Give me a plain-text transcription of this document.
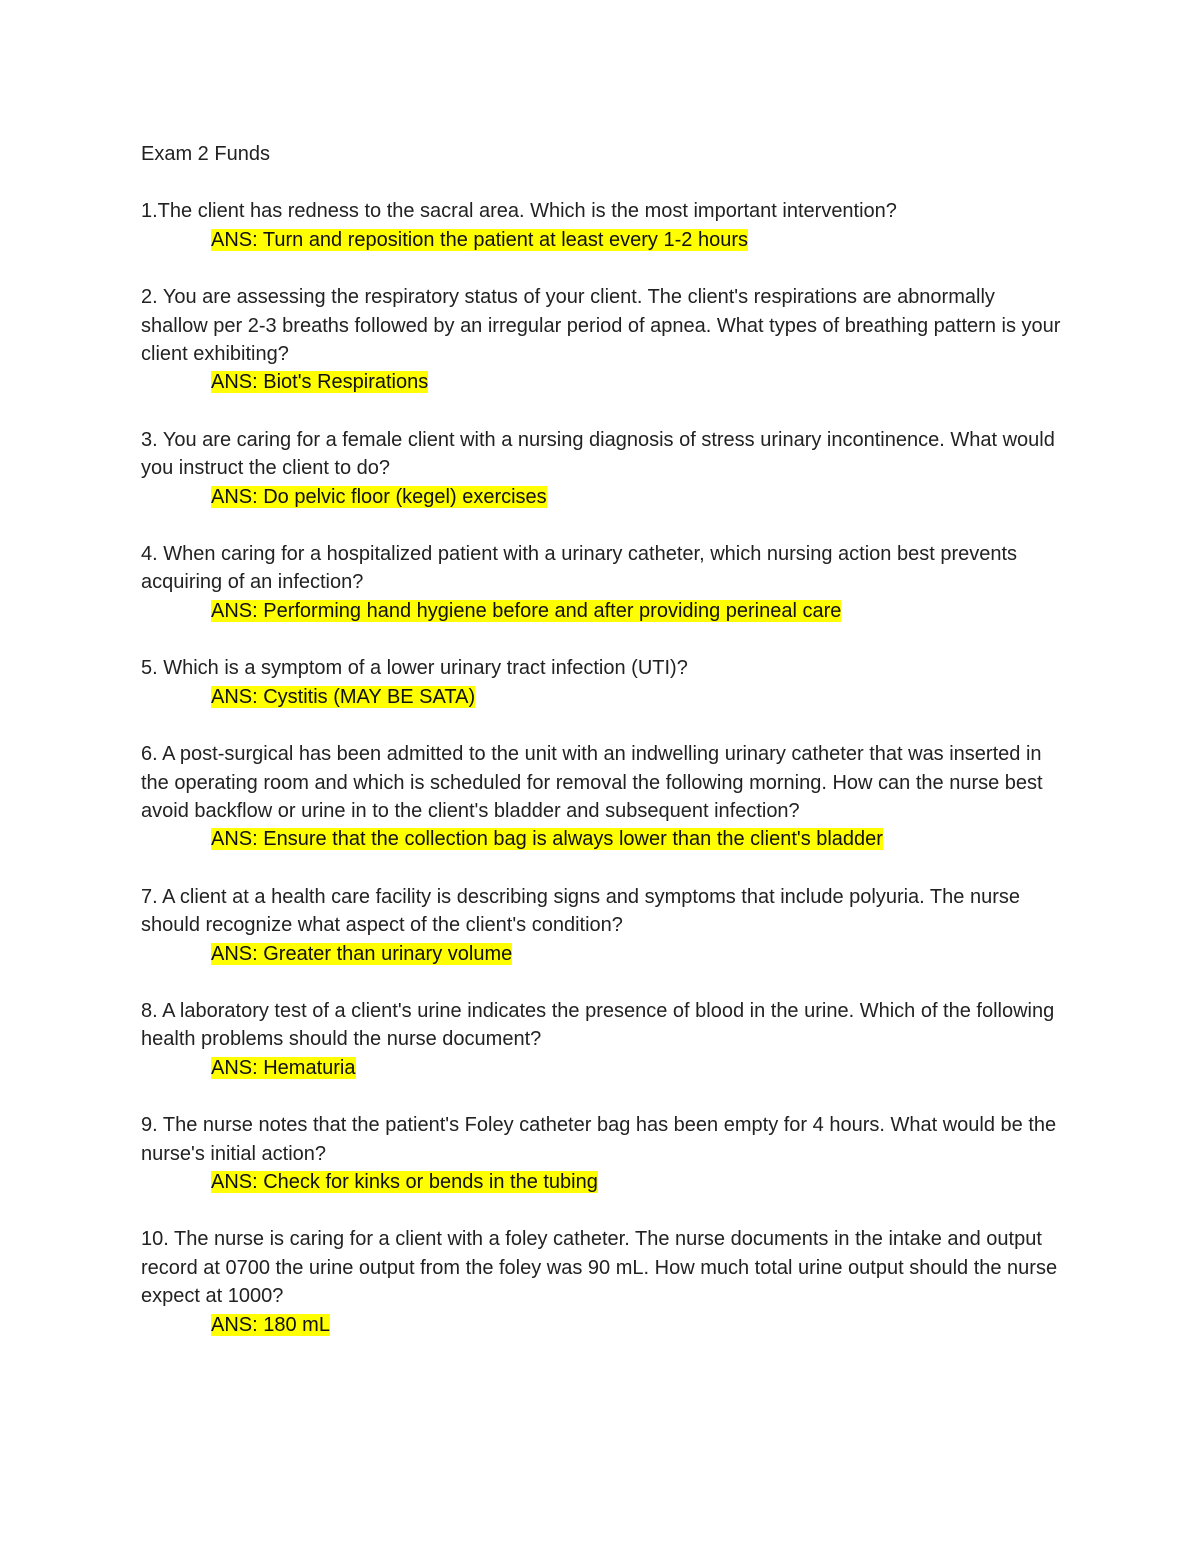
Exam 2 Funds

1.The client has redness to the sacral area. Which is the most important intervention?

ANS: Turn and reposition the patient at least every 1-2 hours

2. You are assessing the respiratory status of your client. The client's respirations are abnormally shallow per 2-3 breaths followed by an irregular period of apnea. What types of breathing pattern is your client exhibiting?

ANS: Biot's Respirations

3. You are caring for a female client with a nursing diagnosis of stress urinary incontinence. What would you instruct the client to do?

ANS: Do pelvic floor (kegel) exercises

4. When caring for a hospitalized patient with a urinary catheter, which nursing action best prevents acquiring of an infection?

ANS: Performing hand hygiene before and after providing perineal care

5. Which is a symptom of a lower urinary tract infection (UTI)?

ANS: Cystitis (MAY BE SATA)

6. A post-surgical has been admitted to the unit with an indwelling urinary catheter that was inserted in the operating room and which is scheduled for removal the following morning. How can the nurse best avoid backflow or urine in to the client's bladder and subsequent infection?

ANS: Ensure that the collection bag is always lower than the client's bladder

7. A client at a health care facility is describing signs and symptoms that include polyuria. The nurse should recognize what aspect of the client's condition?

ANS: Greater than urinary volume

8. A laboratory test of a client's urine indicates the presence of blood in the urine. Which of the following health problems should the nurse document?

ANS: Hematuria

9. The nurse notes that the patient's Foley catheter bag has been empty for 4 hours. What would be the nurse's initial action?

ANS: Check for kinks or bends in the tubing

10. The nurse is caring for a client with a foley catheter. The nurse documents in the intake and output record at 0700 the urine output from the foley was 90 mL. How much total urine output should the nurse expect at 1000?

ANS: 180 mL
